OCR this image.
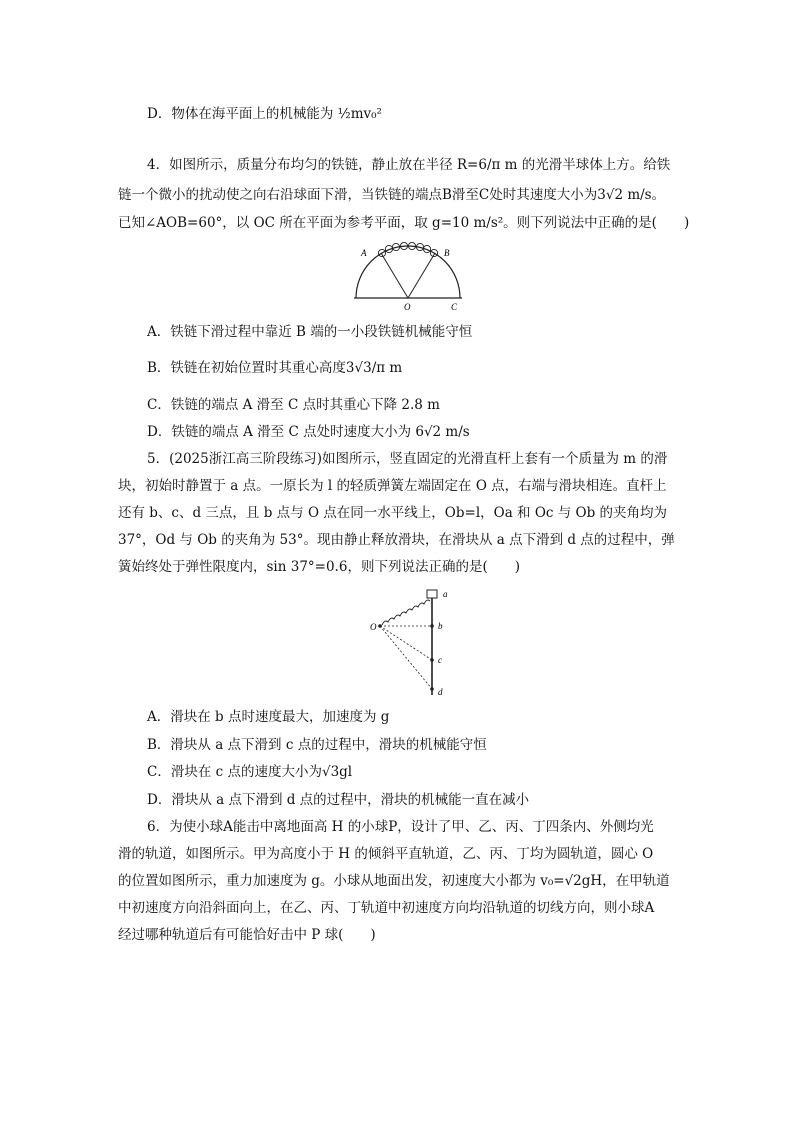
D．物体在海平面上的机械能为 ½mv₀²
4．如图所示，质量分布均匀的铁链，静止放在半径 R=6/π m 的光滑半球体上方。给铁
链一个微小的扰动使之向右沿球面下滑，当铁链的端点B滑至C处时其速度大小为3√2 m/s。
已知∠AOB=60°，以 OC 所在平面为参考平面，取 g=10 m/s²。则下列说法中正确的是(　　)
A	B
O	C
A．铁链下滑过程中靠近 B 端的一小段铁链机械能守恒
B．铁链在初始位置时其重心高度3√3/π m
C．铁链的端点 A 滑至 C 点时其重心下降 2.8 m
D．铁链的端点 A 滑至 C 点处时速度大小为 6√2 m/s
5．(2025浙江高三阶段练习)如图所示，竖直固定的光滑直杆上套有一个质量为 m 的滑
块，初始时静置于 a 点。一原长为 l 的轻质弹簧左端固定在 O 点，右端与滑块相连。直杆上
还有 b、c、d 三点，且 b 点与 O 点在同一水平线上，Ob=l，Oa 和 Oc 与 Ob 的夹角均为
37°，Od 与 Ob 的夹角为 53°。现由静止释放滑块，在滑块从 a 点下滑到 d 点的过程中，弹
簧始终处于弹性限度内，sin 37°=0.6，则下列说法正确的是(　　)
O
a
b
c
d
A．滑块在 b 点时速度最大，加速度为 g
B．滑块从 a 点下滑到 c 点的过程中，滑块的机械能守恒
C．滑块在 c 点的速度大小为√3gl
D．滑块从 a 点下滑到 d 点的过程中，滑块的机械能一直在减小
6．为使小球A能击中离地面高 H 的小球P，设计了甲、乙、丙、丁四条内、外侧均光
滑的轨道，如图所示。甲为高度小于 H 的倾斜平直轨道，乙、丙、丁均为圆轨道，圆心 O
的位置如图所示，重力加速度为 g。小球从地面出发，初速度大小都为 v₀=√2gH，在甲轨道
中初速度方向沿斜面向上，在乙、丙、丁轨道中初速度方向均沿轨道的切线方向，则小球A
经过哪种轨道后有可能恰好击中 P 球(　　)
